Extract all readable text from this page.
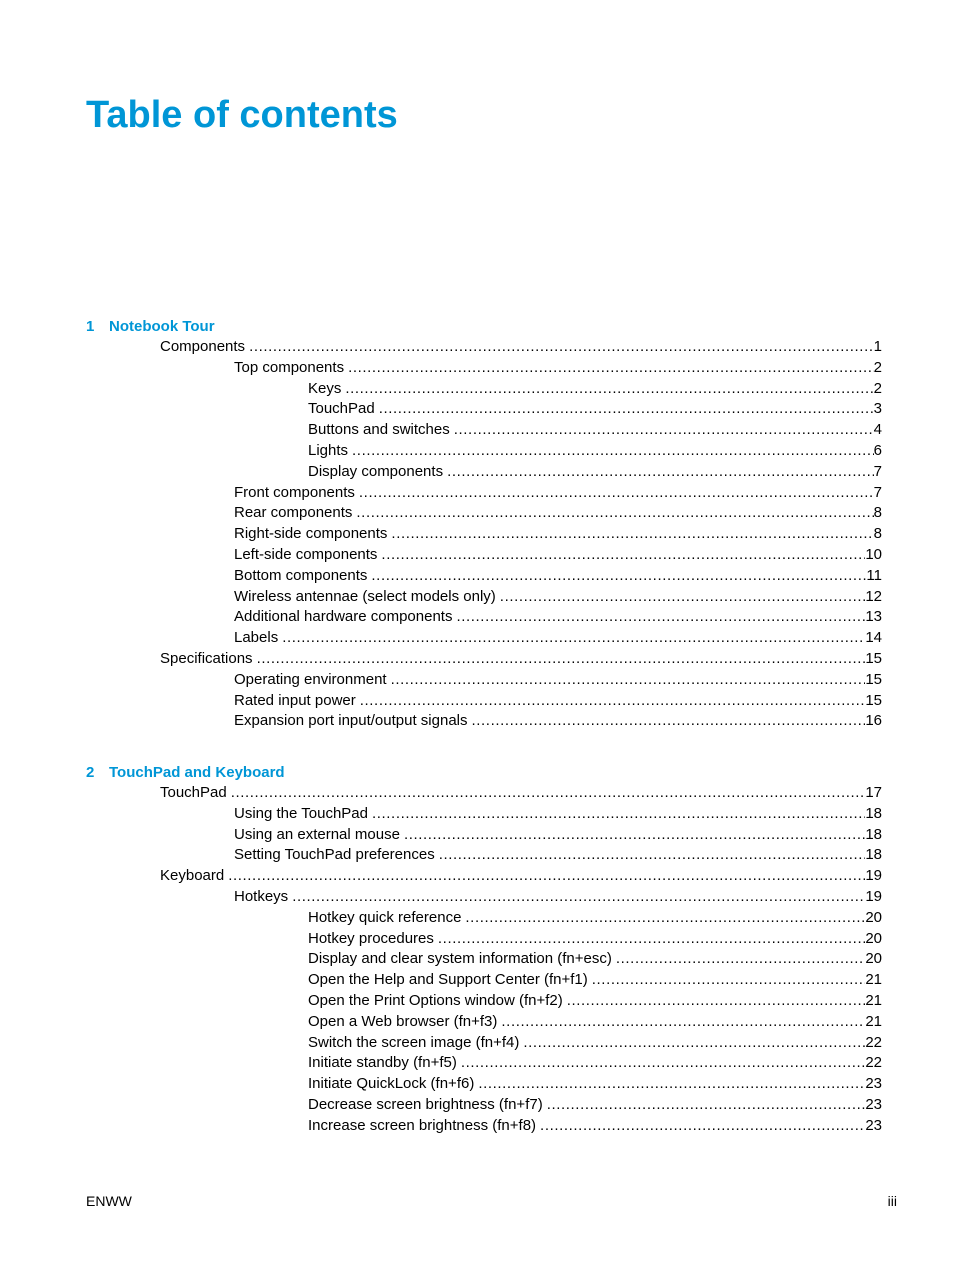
Table of contents
1 Notebook Tour
Components .....	1
Top components .....	2
Keys .....	2
TouchPad .....	3
Buttons and switches .....	4
Lights .....	6
Display components .....	7
Front components .....	7
Rear components .....	8
Right-side components .....	8
Left-side components .....	10
Bottom components .....	11
Wireless antennae (select models only) .....	12
Additional hardware components .....	13
Labels .....	14
Specifications .....	15
Operating environment .....	15
Rated input power .....	15
Expansion port input/output signals .....	16
2 TouchPad and Keyboard
TouchPad .....	17
Using the TouchPad .....	18
Using an external mouse .....	18
Setting TouchPad preferences .....	18
Keyboard .....	19
Hotkeys .....	19
Hotkey quick reference .....	20
Hotkey procedures .....	20
Display and clear system information (fn+esc) .....	20
Open the Help and Support Center (fn+f1) .....	21
Open the Print Options window (fn+f2) .....	21
Open a Web browser (fn+f3) .....	21
Switch the screen image (fn+f4) .....	22
Initiate standby (fn+f5) .....	22
Initiate QuickLock (fn+f6) .....	23
Decrease screen brightness (fn+f7) .....	23
Increase screen brightness (fn+f8) .....	23
ENWW	iii
